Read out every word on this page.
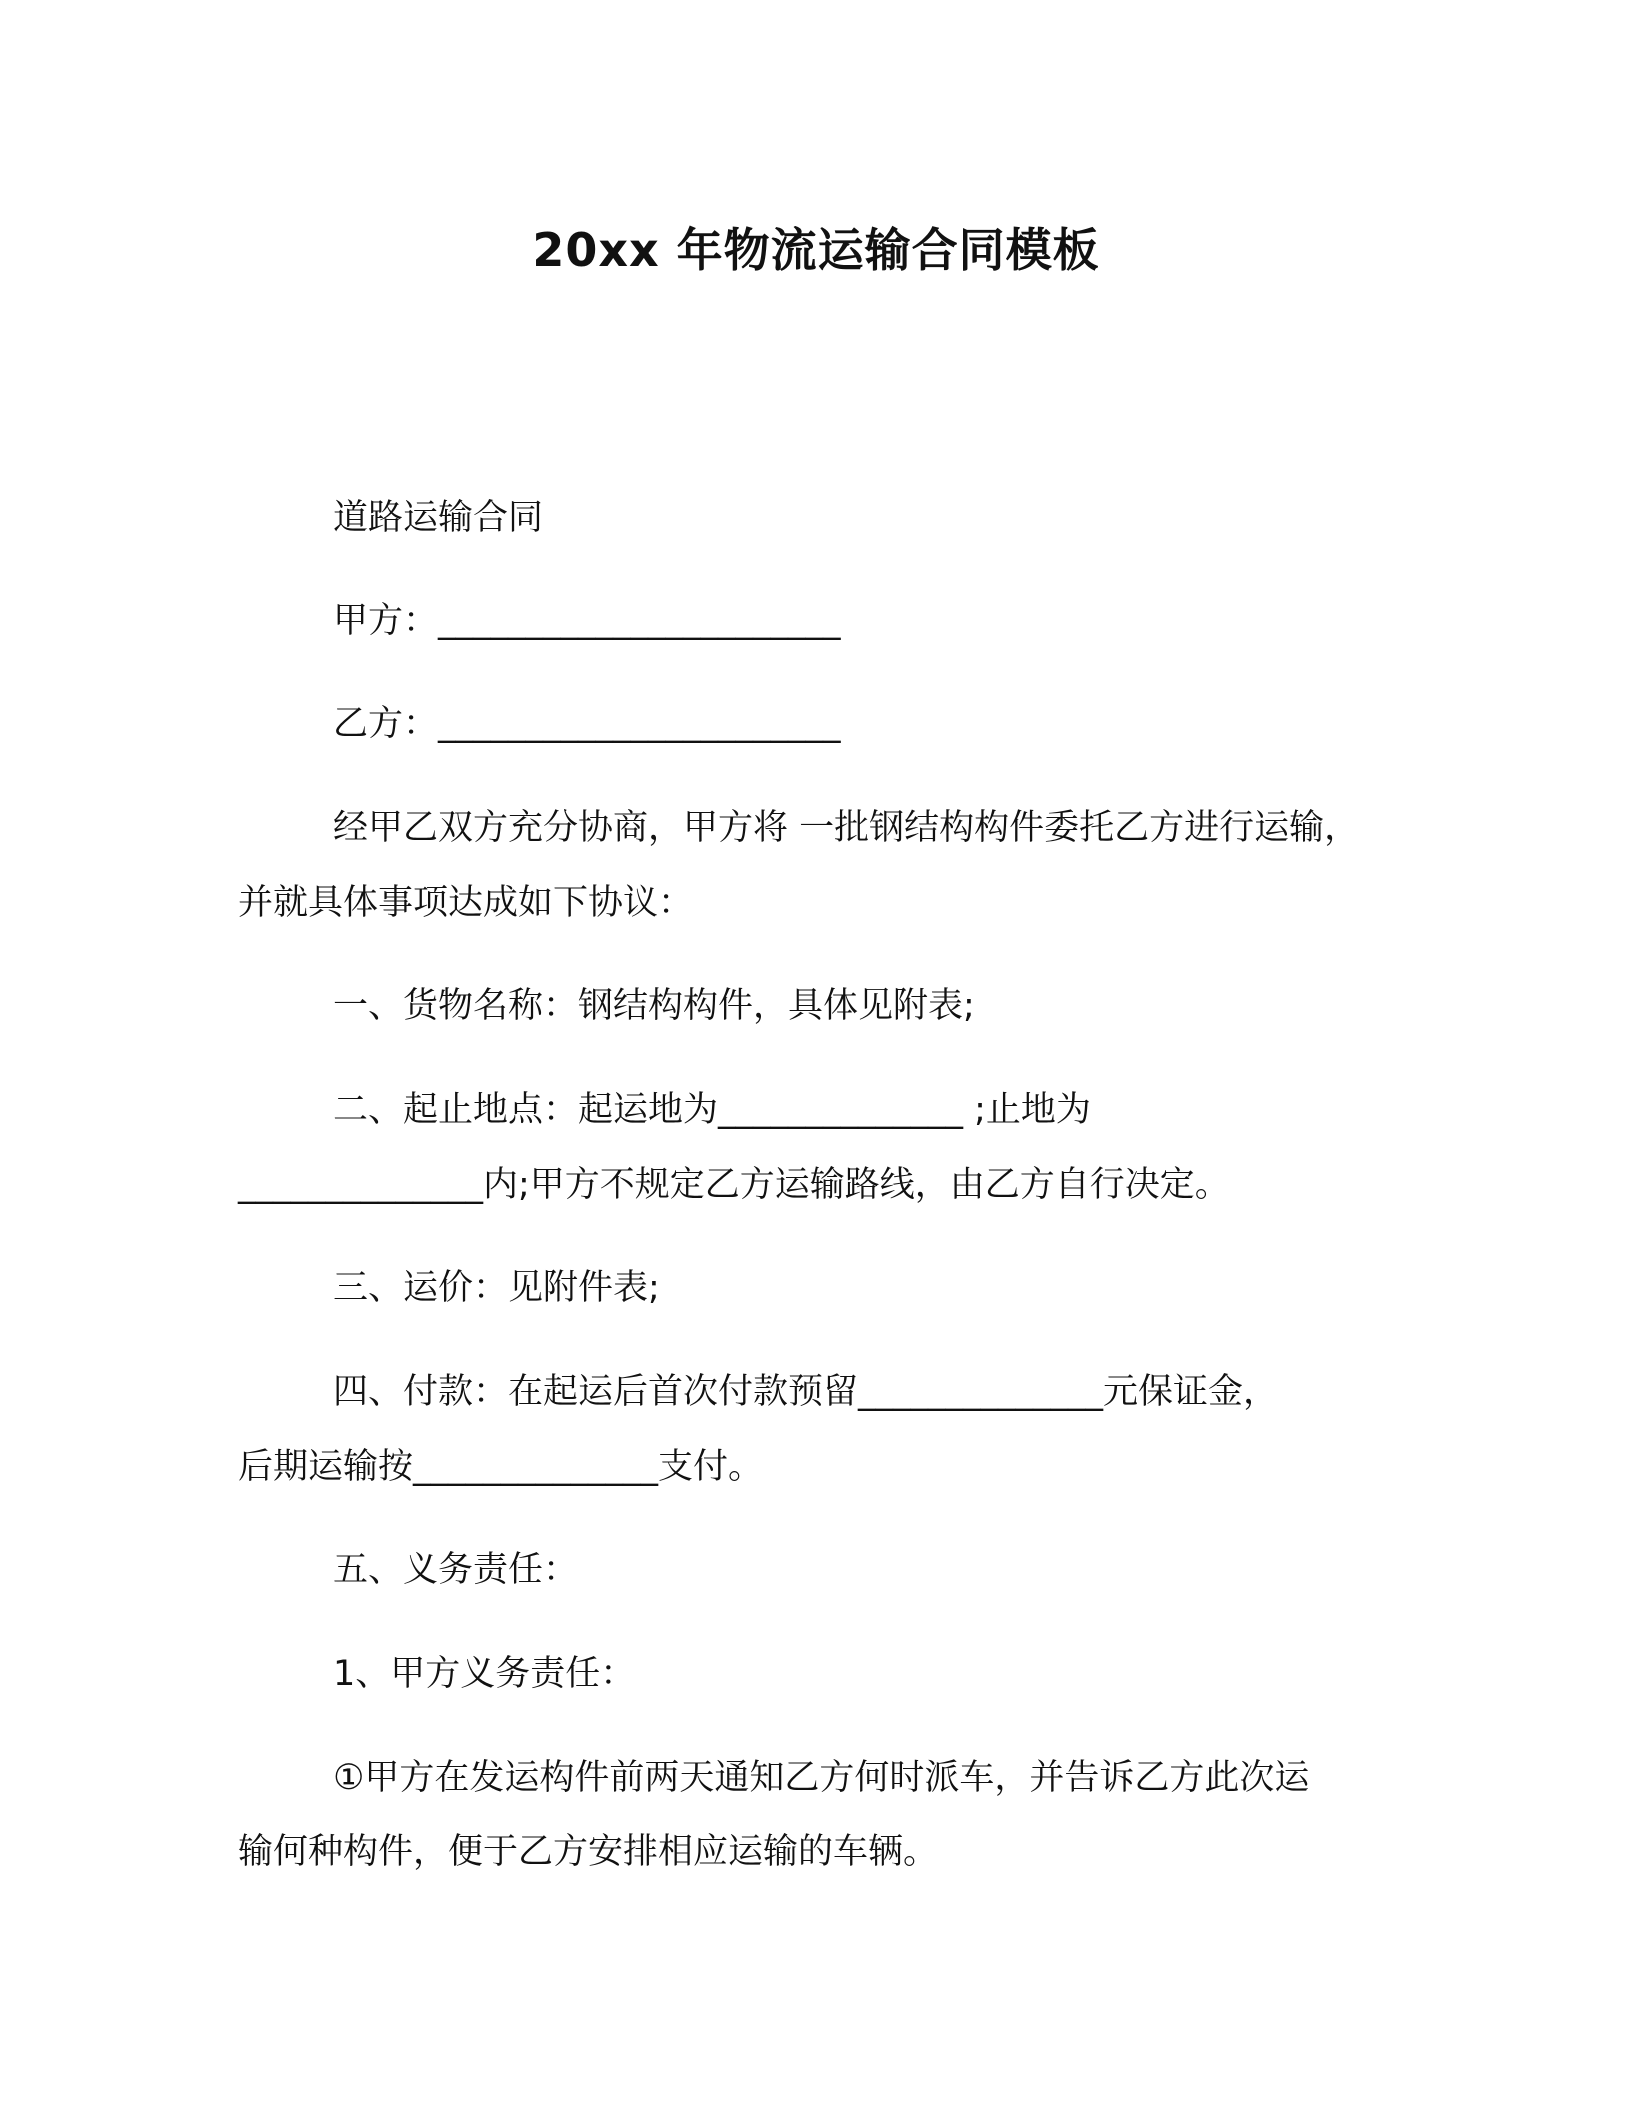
20xx 年物流运输合同模板
道路运输合同
甲方：_______________________
乙方：_______________________
经甲乙双方充分协商，甲方将 一批钢结构构件委托乙方进行运输，
并就具体事项达成如下协议：
一、货物名称：钢结构构件，具体见附表;
二、起止地点：起运地为______________ ;止地为
______________内;甲方不规定乙方运输路线，由乙方自行决定。
三、运价：见附件表;
四、付款：在起运后首次付款预留______________元保证金，
后期运输按______________支付。
五、义务责任：
1、甲方义务责任：
①甲方在发运构件前两天通知乙方何时派车，并告诉乙方此次运
输何种构件，便于乙方安排相应运输的车辆。
